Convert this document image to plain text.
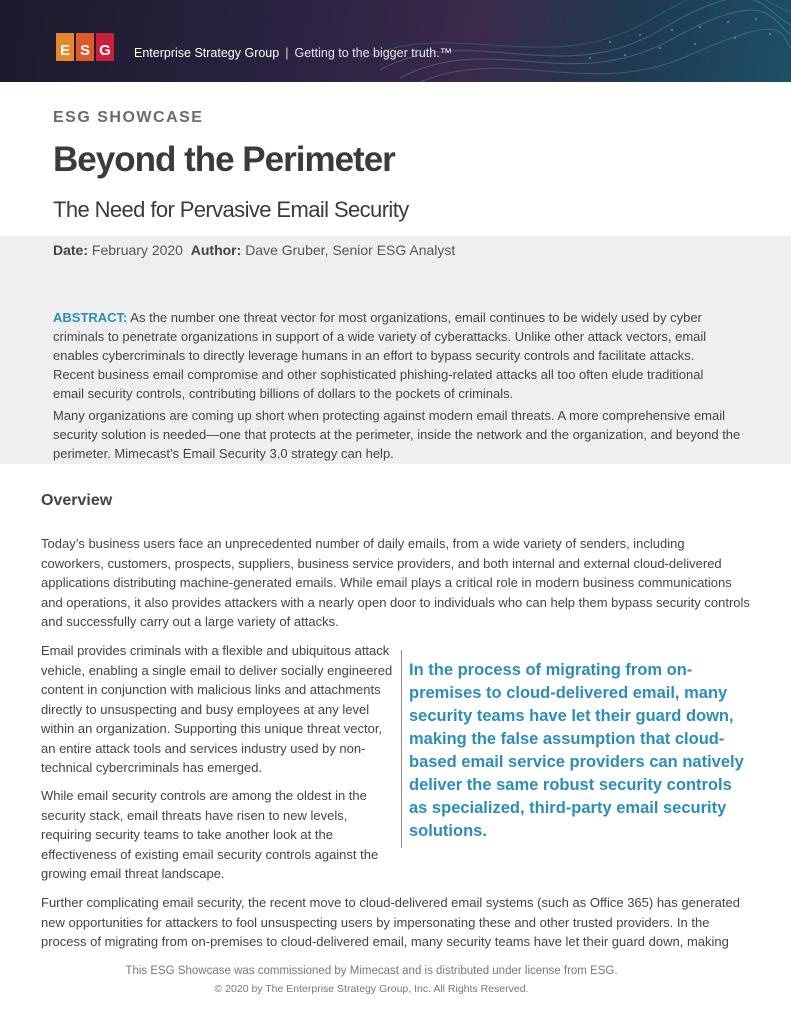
E S G Enterprise Strategy Group | Getting to the bigger truth.™
ESG SHOWCASE
Beyond the Perimeter
The Need for Pervasive Email Security
Date: February 2020 Author: Dave Gruber, Senior ESG Analyst

ABSTRACT: As the number one threat vector for most organizations, email continues to be widely used by cyber criminals to penetrate organizations in support of a wide variety of cyberattacks. Unlike other attack vectors, email enables cybercriminals to directly leverage humans in an effort to bypass security controls and facilitate attacks. Recent business email compromise and other sophisticated phishing-related attacks all too often elude traditional email security controls, contributing billions of dollars to the pockets of criminals.

Many organizations are coming up short when protecting against modern email threats. A more comprehensive email security solution is needed—one that protects at the perimeter, inside the network and the organization, and beyond the perimeter. Mimecast’s Email Security 3.0 strategy can help.

Overview

Today’s business users face an unprecedented number of daily emails, from a wide variety of senders, including coworkers, customers, prospects, suppliers, business service providers, and both internal and external cloud-delivered applications distributing machine-generated emails. While email plays a critical role in modern business communications and operations, it also provides attackers with a nearly open door to individuals who can help them bypass security controls and successfully carry out a large variety of attacks.

Email provides criminals with a flexible and ubiquitous attack vehicle, enabling a single email to deliver socially engineered content in conjunction with malicious links and attachments directly to unsuspecting and busy employees at any level within an organization. Supporting this unique threat vector, an entire attack tools and services industry used by non-technical cybercriminals has emerged.

While email security controls are among the oldest in the security stack, email threats have risen to new levels, requiring security teams to take another look at the effectiveness of existing email security controls against the growing email threat landscape.

In the process of migrating from on-premises to cloud-delivered email, many security teams have let their guard down, making the false assumption that cloud-based email service providers can natively deliver the same robust security controls as specialized, third-party email security solutions.

Further complicating email security, the recent move to cloud-delivered email systems (such as Office 365) has generated new opportunities for attackers to fool unsuspecting users by impersonating these and other trusted providers. In the process of migrating from on-premises to cloud-delivered email, many security teams have let their guard down, making

This ESG Showcase was commissioned by Mimecast and is distributed under license from ESG.
© 2020 by The Enterprise Strategy Group, Inc. All Rights Reserved.
